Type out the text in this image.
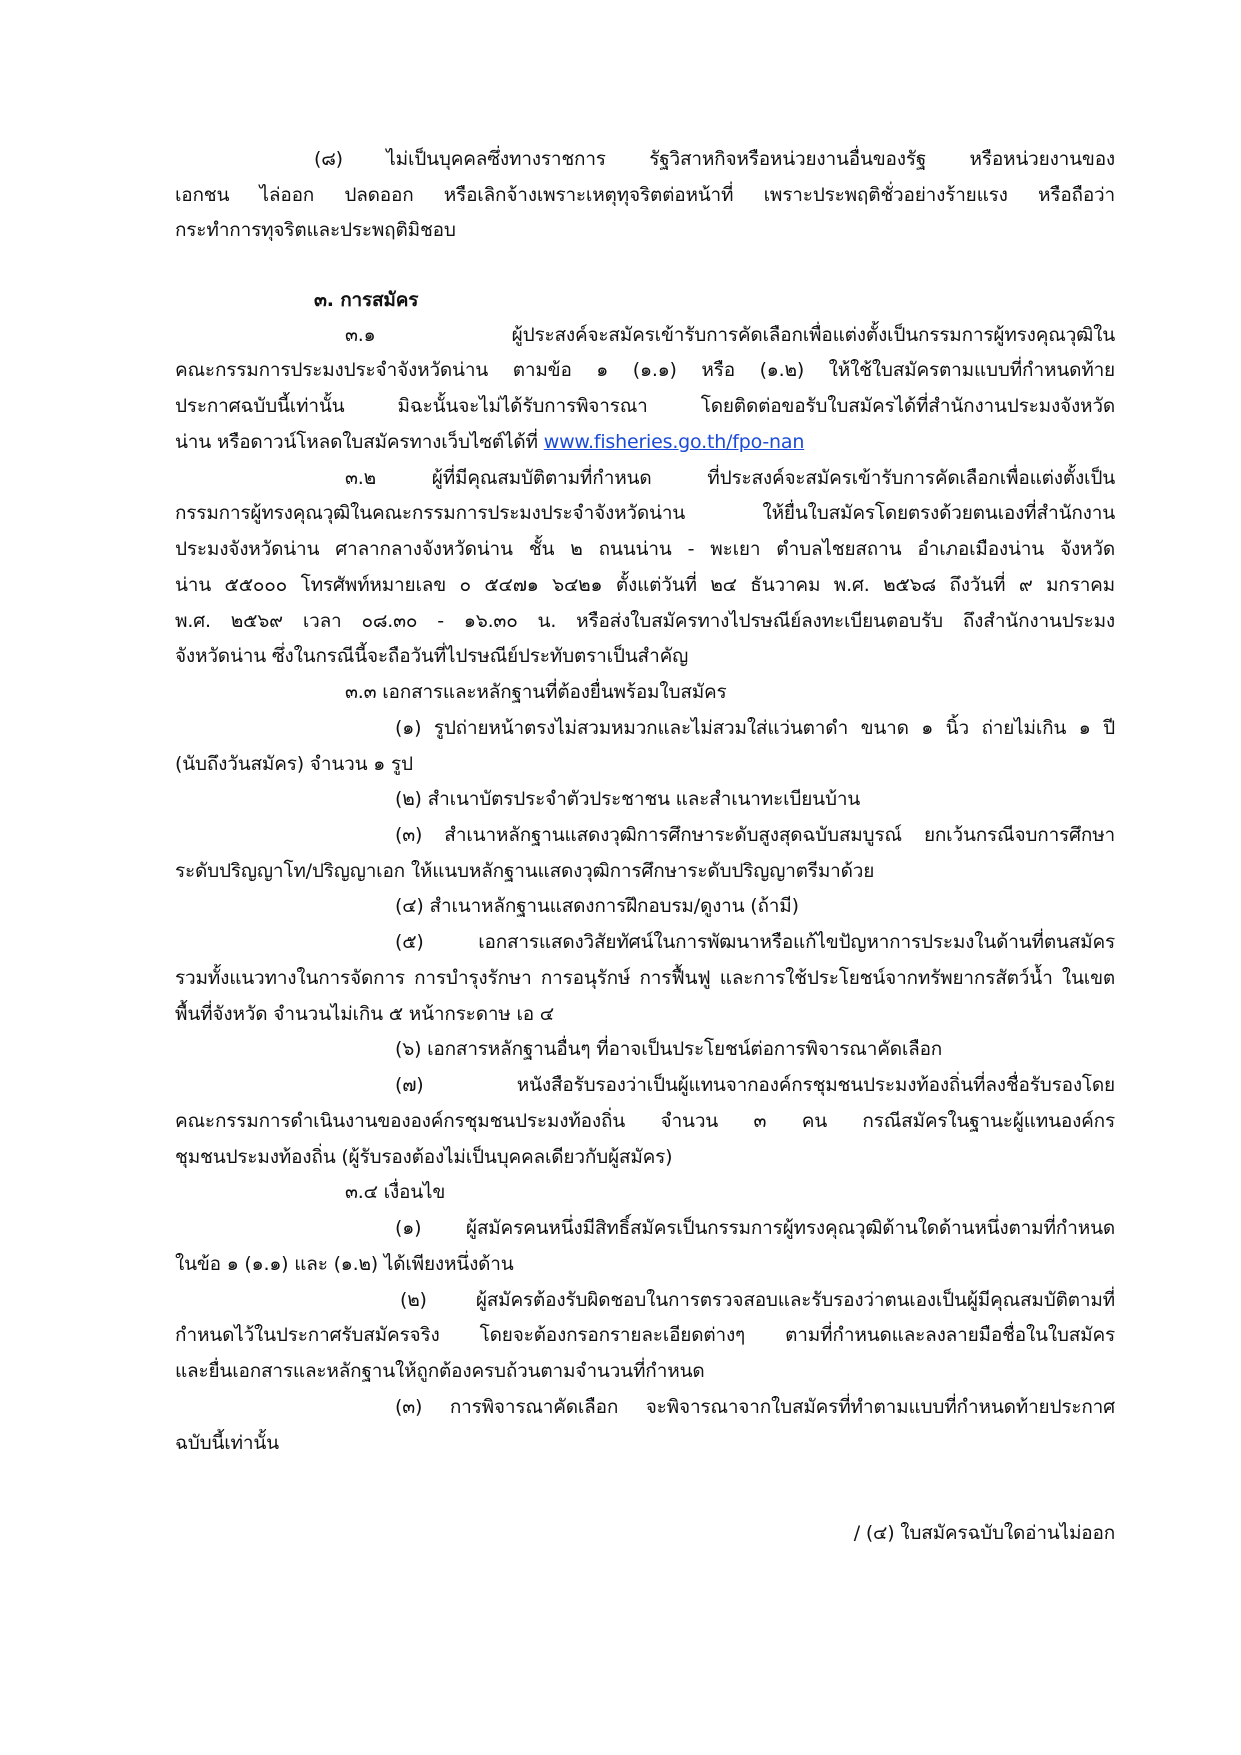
(๘) ไม่เป็นบุคคลซึ่งทางราชการ รัฐวิสาหกิจหรือหน่วยงานอื่นของรัฐ หรือหน่วยงานของ
เอกชน ไล่ออก ปลดออก หรือเลิกจ้างเพราะเหตุทุจริตต่อหน้าที่ เพราะประพฤติชั่วอย่างร้ายแรง หรือถือว่า
กระทำการทุจริตและประพฤติมิชอบ
๓. การสมัคร
๓.๑ ผู้ประสงค์จะสมัครเข้ารับการคัดเลือกเพื่อแต่งตั้งเป็นกรรมการผู้ทรงคุณวุฒิใน
คณะกรรมการประมงประจำจังหวัดน่าน ตามข้อ ๑ (๑.๑) หรือ (๑.๒) ให้ใช้ใบสมัครตามแบบที่กำหนดท้าย
ประกาศฉบับนี้เท่านั้น มิฉะนั้นจะไม่ได้รับการพิจารณา โดยติดต่อขอรับใบสมัครได้ที่สำนักงานประมงจังหวัด
น่าน หรือดาวน์โหลดใบสมัครทางเว็บไซต์ได้ที่ www.fisheries.go.th/fpo-nan
๓.๒ ผู้ที่มีคุณสมบัติตามที่กำหนด ที่ประสงค์จะสมัครเข้ารับการคัดเลือกเพื่อแต่งตั้งเป็น
กรรมการผู้ทรงคุณวุฒิในคณะกรรมการประมงประจำจังหวัดน่าน ให้ยื่นใบสมัครโดยตรงด้วยตนเองที่สำนักงาน
ประมงจังหวัดน่าน ศาลากลางจังหวัดน่าน ชั้น ๒ ถนนน่าน - พะเยา ตำบลไชยสถาน อำเภอเมืองน่าน จังหวัด
น่าน ๕๕๐๐๐ โทรศัพท์หมายเลข ๐ ๕๔๗๑ ๖๔๒๑ ตั้งแต่วันที่ ๒๔ ธันวาคม พ.ศ. ๒๕๖๘ ถึงวันที่ ๙ มกราคม
พ.ศ. ๒๕๖๙ เวลา ๐๘.๓๐ - ๑๖.๓๐ น. หรือส่งใบสมัครทางไปรษณีย์ลงทะเบียนตอบรับ ถึงสำนักงานประมง
จังหวัดน่าน ซึ่งในกรณีนี้จะถือวันที่ไปรษณีย์ประทับตราเป็นสำคัญ
๓.๓ เอกสารและหลักฐานที่ต้องยื่นพร้อมใบสมัคร
(๑) รูปถ่ายหน้าตรงไม่สวมหมวกและไม่สวมใส่แว่นตาดำ ขนาด ๑ นิ้ว ถ่ายไม่เกิน ๑ ปี
(นับถึงวันสมัคร) จำนวน ๑ รูป
(๒) สำเนาบัตรประจำตัวประชาชน และสำเนาทะเบียนบ้าน
(๓) สำเนาหลักฐานแสดงวุฒิการศึกษาระดับสูงสุดฉบับสมบูรณ์ ยกเว้นกรณีจบการศึกษา
ระดับปริญญาโท/ปริญญาเอก ให้แนบหลักฐานแสดงวุฒิการศึกษาระดับปริญญาตรีมาด้วย
(๔) สำเนาหลักฐานแสดงการฝึกอบรม/ดูงาน (ถ้ามี)
(๕) เอกสารแสดงวิสัยทัศน์ในการพัฒนาหรือแก้ไขปัญหาการประมงในด้านที่ตนสมัคร
รวมทั้งแนวทางในการจัดการ การบำรุงรักษา การอนุรักษ์ การฟื้นฟู และการใช้ประโยชน์จากทรัพยากรสัตว์น้ำ ในเขต
พื้นที่จังหวัด จำนวนไม่เกิน ๕ หน้ากระดาษ เอ ๔
(๖) เอกสารหลักฐานอื่นๆ ที่อาจเป็นประโยชน์ต่อการพิจารณาคัดเลือก
(๗) หนังสือรับรองว่าเป็นผู้แทนจากองค์กรชุมชนประมงท้องถิ่นที่ลงชื่อรับรองโดย
คณะกรรมการดำเนินงานขององค์กรชุมชนประมงท้องถิ่น จำนวน ๓ คน กรณีสมัครในฐานะผู้แทนองค์กร
ชุมชนประมงท้องถิ่น (ผู้รับรองต้องไม่เป็นบุคคลเดียวกับผู้สมัคร)
๓.๔ เงื่อนไข
(๑) ผู้สมัครคนหนึ่งมีสิทธิ์สมัครเป็นกรรมการผู้ทรงคุณวุฒิด้านใดด้านหนึ่งตามที่กำหนด
ในข้อ ๑ (๑.๑) และ (๑.๒) ได้เพียงหนึ่งด้าน
(๒) ผู้สมัครต้องรับผิดชอบในการตรวจสอบและรับรองว่าตนเองเป็นผู้มีคุณสมบัติตามที่
กำหนดไว้ในประกาศรับสมัครจริง โดยจะต้องกรอกรายละเอียดต่างๆ ตามที่กำหนดและลงลายมือชื่อในใบสมัคร
และยื่นเอกสารและหลักฐานให้ถูกต้องครบถ้วนตามจำนวนที่กำหนด
(๓) การพิจารณาคัดเลือก จะพิจารณาจากใบสมัครที่ทำตามแบบที่กำหนดท้ายประกาศ
ฉบับนี้เท่านั้น
/ (๔) ใบสมัครฉบับใดอ่านไม่ออก
